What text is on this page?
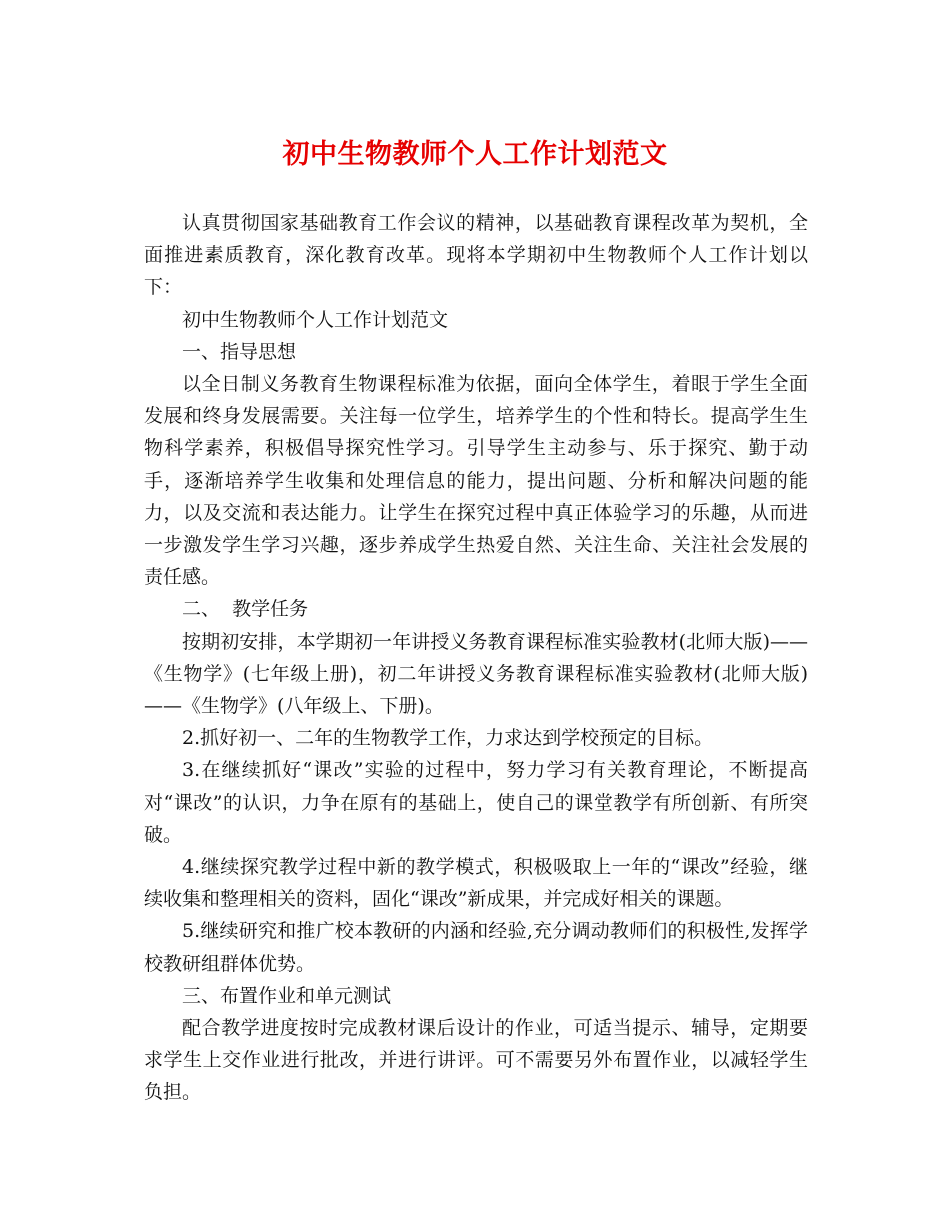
初中生物教师个人工作计划范文

认真贯彻国家基础教育工作会议的精神，以基础教育课程改革为契机，全面推进素质教育，深化教育改革。现将本学期初中生物教师个人工作计划以下：

初中生物教师个人工作计划范文

一、指导思想

以全日制义务教育生物课程标准为依据，面向全体学生，着眼于学生全面发展和终身发展需要。关注每一位学生，培养学生的个性和特长。提高学生生物科学素养，积极倡导探究性学习。引导学生主动参与、乐于探究、勤于动手，逐渐培养学生收集和处理信息的能力，提出问题、分析和解决问题的能力，以及交流和表达能力。让学生在探究过程中真正体验学习的乐趣，从而进一步激发学生学习兴趣，逐步养成学生热爱自然、关注生命、关注社会发展的责任感。

二、  教学任务

按期初安排，本学期初一年讲授义务教育课程标准实验教材(北师大版)——《生物学》(七年级上册)，初二年讲授义务教育课程标准实验教材(北师大版)——《生物学》(八年级上、下册)。

2.抓好初一、二年的生物教学工作，力求达到学校预定的目标。

3.在继续抓好“课改”实验的过程中，努力学习有关教育理论，不断提高对“课改”的认识，力争在原有的基础上，使自己的课堂教学有所创新、有所突破。

4.继续探究教学过程中新的教学模式，积极吸取上一年的“课改”经验，继续收集和整理相关的资料，固化“课改”新成果，并完成好相关的课题。

5.继续研究和推广校本教研的内涵和经验,充分调动教师们的积极性,发挥学校教研组群体优势。

三、布置作业和单元测试

配合教学进度按时完成教材课后设计的作业，可适当提示、辅导，定期要求学生上交作业进行批改，并进行讲评。可不需要另外布置作业，以减轻学生负担。
